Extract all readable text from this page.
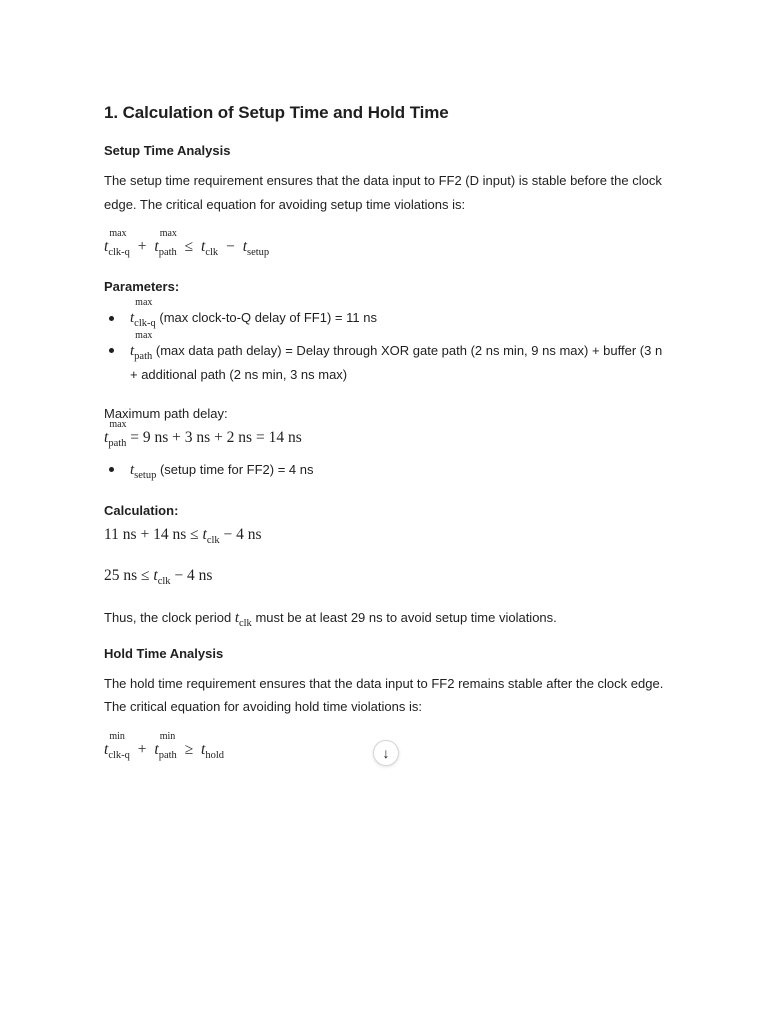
1. Calculation of Setup Time and Hold Time
Setup Time Analysis
The setup time requirement ensures that the data input to FF2 (D input) is stable before the clock
edge. The critical equation for avoiding setup time violations is:
t
max
clk-q + t
max
path ≤ $t_{clk} - t_{setup}$
Parameters:
t
max
clk-q (max clock-to-Q delay of FF1) = 11 ns
t
max
path (max data path delay) = Delay through XOR gate path (2 ns min, 9 ns max) + buffer (3 n
+ additional path (2 ns min, 3 ns max)
Maximum path delay:
t
max
path = 9 ns + 3 ns + 2 ns = 14 ns
$t_{setup}$ (setup time for FF2) = 4 ns
Calculation:
11 ns + 14 ns ≤ $t_{clk} - 4$ ns
25 ns ≤ $t_{clk} - 4$ ns
Thus, the clock period $t_{clk}$ must be at least 29 ns to avoid setup time violations.
Hold Time Analysis
The hold time requirement ensures that the data input to FF2 remains stable after the clock edge.
The critical equation for avoiding hold time violations is:
t
min
clk-q + t
min
path ≥ $t_{hold}$	↓
